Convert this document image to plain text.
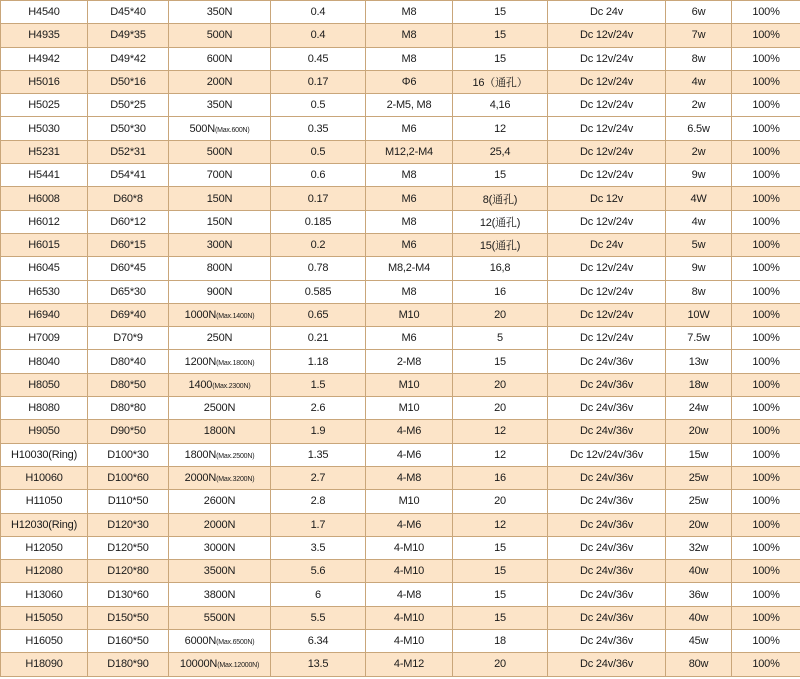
H4540	D45*40	350N	0.4	M8	15	Dc 24v	6w	100%
H4935	D49*35	500N	0.4	M8	15	Dc 12v/24v	7w	100%
H4942	D49*42	600N	0.45	M8	15	Dc 12v/24v	8w	100%
H5016	D50*16	200N	0.17	Φ6	16（通孔）	Dc 12v/24v	4w	100%
H5025	D50*25	350N	0.5	2-M5, M8	4,16	Dc 12v/24v	2w	100%
H5030	D50*30	500N(Max.600N)	0.35	M6	12	Dc 12v/24v	6.5w	100%
H5231	D52*31	500N	0.5	M12,2-M4	25,4	Dc 12v/24v	2w	100%
H5441	D54*41	700N	0.6	M8	15	Dc 12v/24v	9w	100%
H6008	D60*8	150N	0.17	M6	8(通孔)	Dc 12v	4W	100%
H6012	D60*12	150N	0.185	M8	12(通孔)	Dc 12v/24v	4w	100%
H6015	D60*15	300N	0.2	M6	15(通孔)	Dc 24v	5w	100%
H6045	D60*45	800N	0.78	M8,2-M4	16,8	Dc 12v/24v	9w	100%
H6530	D65*30	900N	0.585	M8	16	Dc 12v/24v	8w	100%
H6940	D69*40	1000N(Max.1400N)	0.65	M10	20	Dc 12v/24v	10W	100%
H7009	D70*9	250N	0.21	M6	5	Dc 12v/24v	7.5w	100%
H8040	D80*40	1200N(Max.1800N)	1.18	2-M8	15	Dc 24v/36v	13w	100%
H8050	D80*50	1400(Max.2300N)	1.5	M10	20	Dc 24v/36v	18w	100%
H8080	D80*80	2500N	2.6	M10	20	Dc 24v/36v	24w	100%
H9050	D90*50	1800N	1.9	4-M6	12	Dc 24v/36v	20w	100%
H10030(Ring)	D100*30	1800N(Max.2500N)	1.35	4-M6	12	Dc 12v/24v/36v	15w	100%
H10060	D100*60	2000N(Max.3200N)	2.7	4-M8	16	Dc 24v/36v	25w	100%
H11050	D110*50	2600N	2.8	M10	20	Dc 24v/36v	25w	100%
H12030(Ring)	D120*30	2000N	1.7	4-M6	12	Dc 24v/36v	20w	100%
H12050	D120*50	3000N	3.5	4-M10	15	Dc 24v/36v	32w	100%
H12080	D120*80	3500N	5.6	4-M10	15	Dc 24v/36v	40w	100%
H13060	D130*60	3800N	6	4-M8	15	Dc 24v/36v	36w	100%
H15050	D150*50	5500N	5.5	4-M10	15	Dc 24v/36v	40w	100%
H16050	D160*50	6000N(Max.6500N)	6.34	4-M10	18	Dc 24v/36v	45w	100%
H18090	D180*90	10000N(Max.12000N)	13.5	4-M12	20	Dc 24v/36v	80w	100%
